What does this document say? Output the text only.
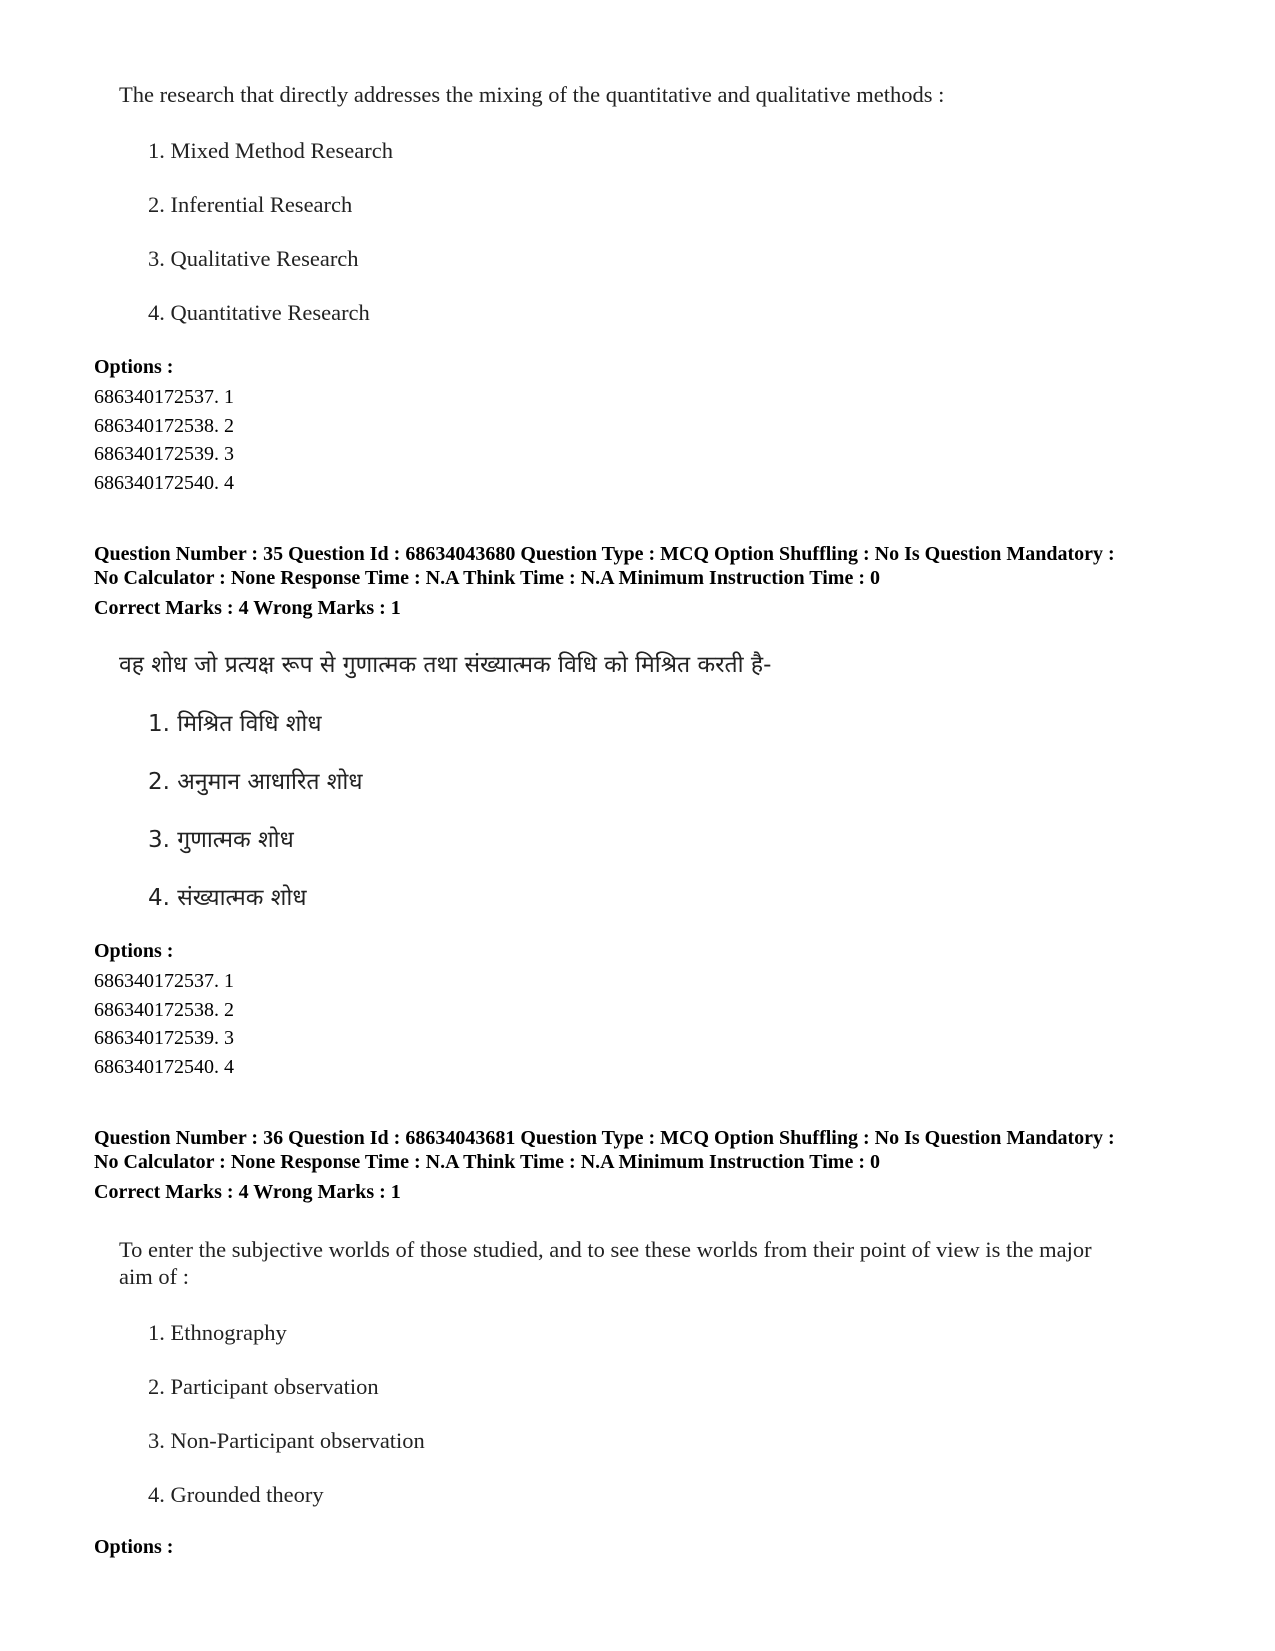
The research that directly addresses the mixing of the quantitative and qualitative methods :
1. Mixed Method Research
2. Inferential Research
3. Qualitative Research
4. Quantitative Research
Options :
686340172537. 1
686340172538. 2
686340172539. 3
686340172540. 4
Question Number : 35 Question Id : 68634043680 Question Type : MCQ Option Shuffling : No Is Question Mandatory :
No Calculator : None Response Time : N.A Think Time : N.A Minimum Instruction Time : 0
Correct Marks : 4 Wrong Marks : 1
वह शोध जो प्रत्यक्ष रूप से गुणात्मक तथा संख्यात्मक विधि को मिश्रित करती है-
1. मिश्रित विधि शोध
2. अनुमान आधारित शोध
3. गुणात्मक शोध
4. संख्यात्मक शोध
Options :
686340172537. 1
686340172538. 2
686340172539. 3
686340172540. 4
Question Number : 36 Question Id : 68634043681 Question Type : MCQ Option Shuffling : No Is Question Mandatory :
No Calculator : None Response Time : N.A Think Time : N.A Minimum Instruction Time : 0
Correct Marks : 4 Wrong Marks : 1
To enter the subjective worlds of those studied, and to see these worlds from their point of view is the major
aim of :
1. Ethnography
2. Participant observation
3. Non-Participant observation
4. Grounded theory
Options :
